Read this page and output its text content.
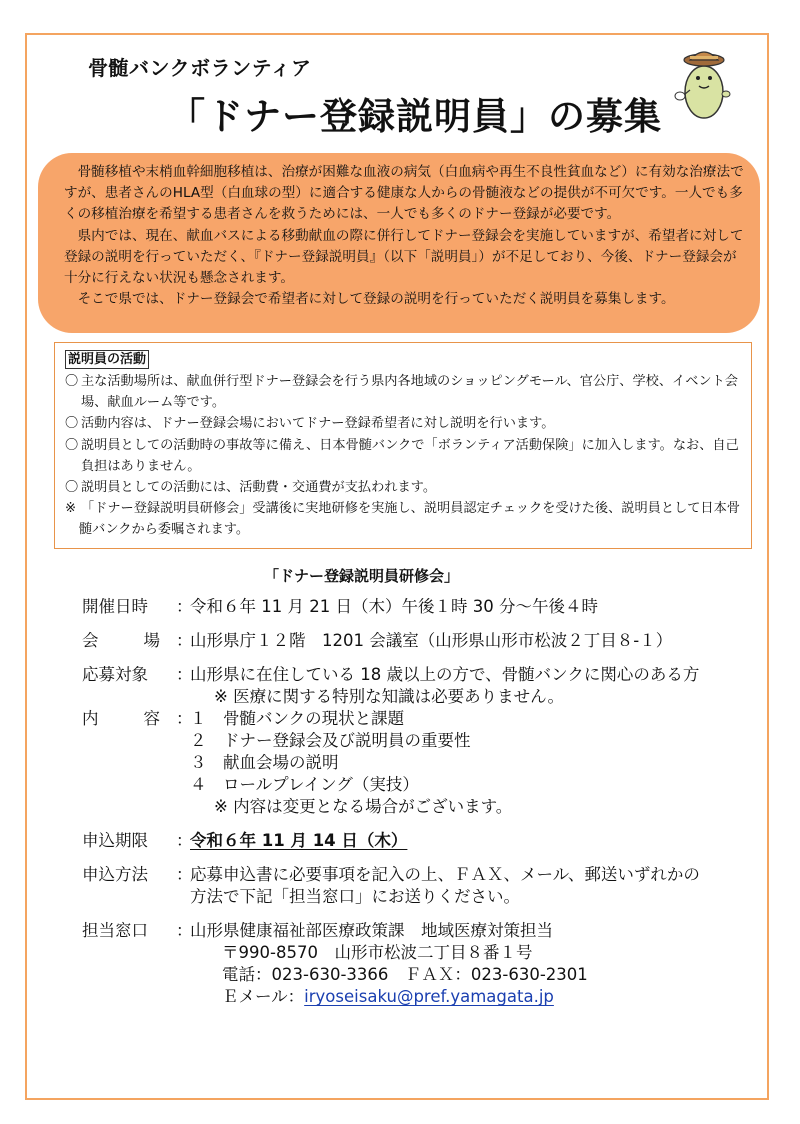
骨髄バンクボランティア
「ドナー登録説明員」の募集

骨髄移植や末梢血幹細胞移植は、治療が困難な血液の病気（白血病や再生不良性貧血など）に有効な治療法ですが、患者さんのHLA型（白血球の型）に適合する健康な人からの骨髄液などの提供が不可欠です。一人でも多くの移植治療を希望する患者さんを救うためには、一人でも多くのドナー登録が必要です。

県内では、現在、献血バスによる移動献血の際に併行してドナー登録会を実施していますが、希望者に対して登録の説明を行っていただく、『ドナー登録説明員』（以下「説明員」）が不足しており、今後、ドナー登録会が十分に行えない状況も懸念されます。

そこで県では、ドナー登録会で希望者に対して登録の説明を行っていただく説明員を募集します。

説明員の活動
〇 主な活動場所は、献血併行型ドナー登録会を行う県内各地域のショッピングモール、官公庁、学校、イベント会場、献血ルーム等です。
〇 活動内容は、ドナー登録会場においてドナー登録希望者に対し説明を行います。
〇 説明員としての活動時の事故等に備え、日本骨髄バンクで「ボランティア活動保険」に加入します。なお、自己負担はありません。
〇 説明員としての活動には、活動費・交通費が支払われます。
※ 「ドナー登録説明員研修会」受講後に実地研修を実施し、説明員認定チェックを受けた後、説明員として日本骨髄バンクから委嘱されます。
「ドナー登録説明員研修会」
開催日時	：
令和６年 11 月 21 日（木）午後１時 30 分～午後４時
会	場 ：
山形県庁１２階　1201 会議室（山形県山形市松波２丁目８-１）
応募対象	：
山形県に在住している 18 歳以上の方で、骨髄バンクに関心のある方
※ 医療に関する特別な知識は必要ありません。
内	容 ：
１　骨髄バンクの現状と課題
２　ドナー登録会及び説明員の重要性
３　献血会場の説明
４　ロールプレイング（実技）
※ 内容は変更となる場合がございます。
申込期限	：
令和６年 11 月 14 日（木）
申込方法	：
応募申込書に必要事項を記入の上、ＦＡＸ、メール、郵送いずれかの
方法で下記「担当窓口」にお送りください。
担当窓口	：
山形県健康福祉部医療政策課　地域医療対策担当
〒990-8570　山形市松波二丁目８番１号
電話：023-630-3366　ＦＡＸ：023-630-2301
Ｅメール：iryoseisaku@pref.yamagata.jp
